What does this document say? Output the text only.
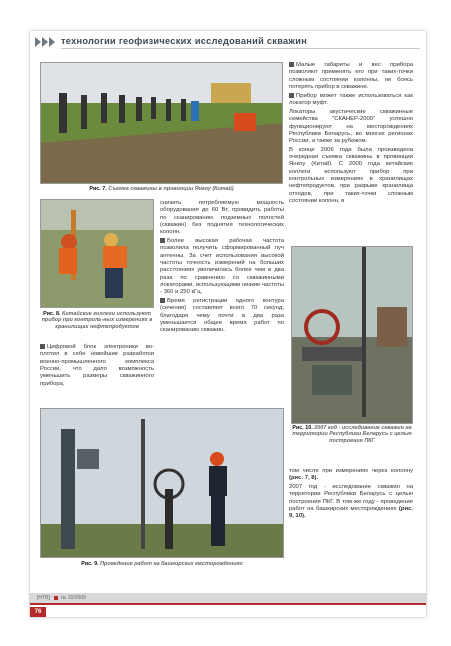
технологии геофизических исследований скважин
Рис. 7. Съемка скважины в провинции Янкоу (Китай)
Рис. 8. Китайские коллеги используют прибор при контроль-ных измерениях в хранилищах нефтепродуктов

Цифровой блок электроники во-плотил в себе новейшие разработки военно-промышленного комплекса России, что дало возможность уменьшить размеры скважинного прибора,

снизить потребляемую мощность оборудования до 60 Вт, провидить работы по сканированию подземных полостей (скважин) без поднятия технологических колонн.

Более высокая рабочая частота позволила получить сформированный луч антенны. За счет использования высокой частоты точность измерений на больших расстояниях увеличилась более чем в два раза по сравнению со скважинными локаторами, использующими низкие частоты - 360 и 250 кГц.

Время регистрации одного контура (сечения) составляет всего 70 секунд, благодаря чему почти в два раза уменьшается общее время работ по сканированию скважин.

Малые габариты и вес прибора позволяют применять его при таких-точки сложным состоянии колонны, не боясь потерять прибор в скважине.

Прибор может также использоваться как локатор муфт.

Локаторы акустические скважинные семейства "СКАНЕР-2000" успешно функционируют на месторождениях Республики Беларусь, во многих регионах России, а также за рубежом.

В конце 2006 года была произведена очередная съемка скважины в провинции Янкоу (Китай). С 2000 года китайские коллеги используют прибор при контрольных измерениях в хранилищах нефтепродуктов, при разрыве хранилища отходов, при таких-точки сложным состоянии колонн, в

Рис. 10. 2007 год - исследование скважин на территории Республики Беларусь с целью построения ПКГ
Рис. 9. Проведение работ на башкирских месторождениях

том числе при измерениях через колонну (рис. 7, 8).

2007 год - исследование скважин на территории Республики Беларусь с целью построения ПКГ. В том же году - проведение работ на башкирских месторождениях (рис. 9, 10).

[НТВ] № 10/2009
76
